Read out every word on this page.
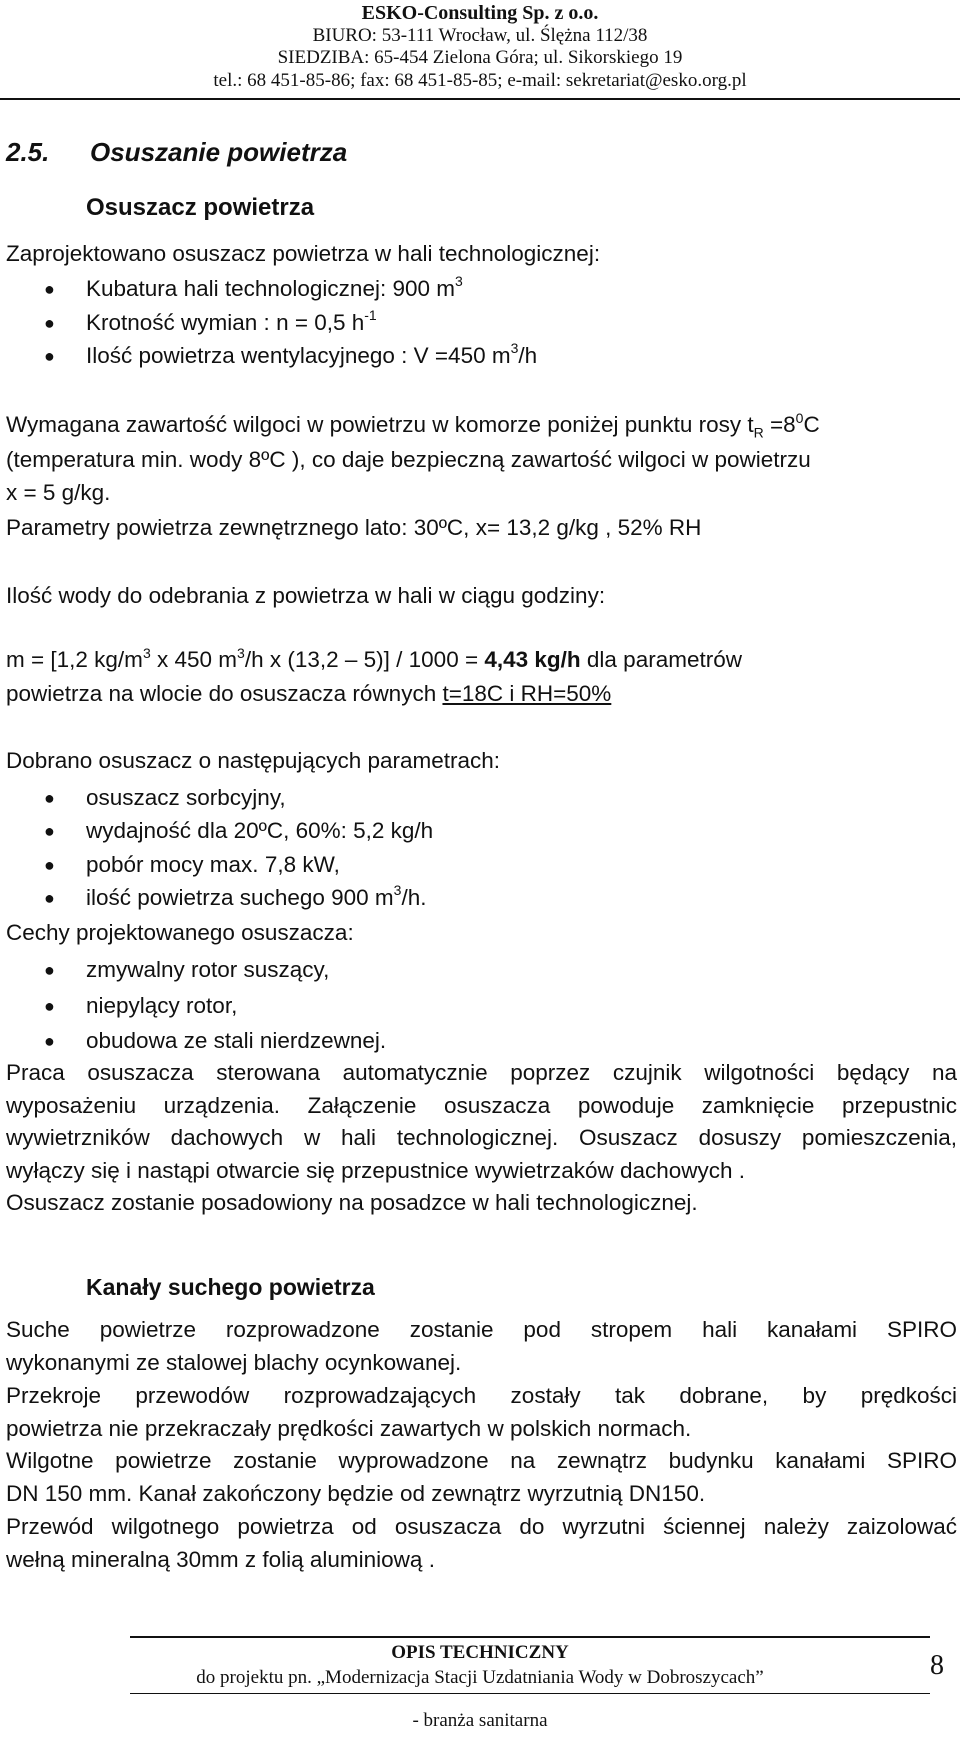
ESKO-Consulting Sp. z o.o.
BIURO: 53-111 Wrocław, ul. Ślężna 112/38
SIEDZIBA: 65-454 Zielona Góra; ul. Sikorskiego 19
tel.: 68 451-85-86; fax: 68 451-85-85; e-mail: sekretariat@esko.org.pl
2.5. Osuszanie powietrza
Osuszacz powietrza
Zaprojektowano osuszacz powietrza w hali technologicznej:
● Kubatura hali technologicznej: 900 $m^3$
● Krotność wymian : n = 0,5 $h^{-1}$
● Ilość powietrza wentylacyjnego : V =450 $m^3/h$
Wymagana zawartość wilgoci w powietrzu w komorze poniżej punktu rosy $t_R =8^0C$
(temperatura min. wody 8ºC ), co daje bezpieczną zawartość wilgoci w powietrzu
x = 5 g/kg.
Parametry powietrza zewnętrznego lato: 30ºC, x= 13,2 g/kg , 52% RH
Ilość wody do odebrania z powietrza w hali w ciągu godziny:
m = [1,2 $kg/m^3$ x 450 $m^3/h$ x (13,2 – 5)] / 1000 = 4,43 kg/h dla parametrów
powietrza na wlocie do osuszacza równych t=18C i RH=50%
Dobrano osuszacz o następujących parametrach:
● osuszacz sorbcyjny,
● wydajność dla 20ºC, 60%: 5,2 kg/h
● pobór mocy max. 7,8 kW,
● ilość powietrza suchego 900 $m^3/h$.
Cechy projektowanego osuszacza:
● zmywalny rotor suszący,
● niepylący rotor,
● obudowa ze stali nierdzewnej.
Praca osuszacza sterowana automatycznie poprzez czujnik wilgotności będący na
wyposażeniu urządzenia. Załączenie osuszacza powoduje zamknięcie przepustnic
wywietrzników dachowych w hali technologicznej. Osuszacz dosuszy pomieszczenia,
wyłączy się i nastąpi otwarcie się przepustnice wywietrzaków dachowych .
Osuszacz zostanie posadowiony na posadzce w hali technologicznej.
Kanały suchego powietrza
Suche powietrze rozprowadzone zostanie pod stropem hali kanałami SPIRO
wykonanymi ze stalowej blachy ocynkowanej.
Przekroje przewodów rozprowadzających zostały tak dobrane, by prędkości
powietrza nie przekraczały prędkości zawartych w polskich normach.
Wilgotne powietrze zostanie wyprowadzone na zewnątrz budynku kanałami SPIRO
DN 150 mm. Kanał zakończony będzie od zewnątrz wyrzutnią DN150.
Przewód wilgotnego powietrza od osuszacza do wyrzutni ściennej należy zaizolować
wełną mineralną 30mm z folią aluminiową .
OPIS TECHNICZNY
do projektu pn. „Modernizacja Stacji Uzdatniania Wody w Dobroszycach”
- branża sanitarna
8
